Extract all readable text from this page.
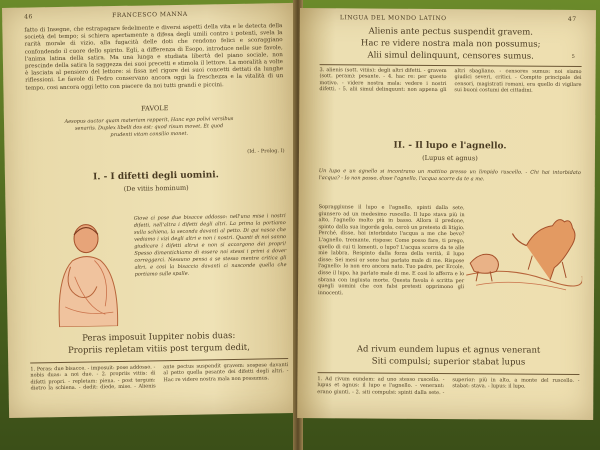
46	FRANCESCO MANNA
fatto di Insegne, che estrapagare fedelmente e diversi aspetti della vita e le detecta della società del tempo; si schiera apertamente a difesa degli umili contro i potenti, svela la rarità morale di vizio, alla fugacità delle doti che rendono felici e scoraggiano confondendo il cuore dello spirito. Egli, a differenza di Esopo, introduce nelle sue favole, l'anima latina della satira. Ma una lunga e studiata libertà del piano sociale, non prescinde della satira la saggezza dei suoi precetti e stimola il lettore. La moralità a volte è lasciata al pensiero del lettore: si fissa nel rigore dei suoi concetti dettati da lunghe riflessioni. Le favole di Fedro conservano ancora oggi la freschezza e la vitalità di un tempo, cosi ancora oggi letto con piacere da noi tutti grandi e piccini.
FAVOLE
Aesopus auctor quam materiam repperit, Hanc ego polivi versibus senariis. Duplex libelli dos est: quod risum movet, Et quod prudenti vitam consilio monet.
(Id. - Prolog. I)
I. - I difetti degli uomini.
(De vitiis hominum)
Giove ci pose due bisacce addosso: nell'una mise i nostri difetti, nell'altra i difetti degli altri. La prima la portiamo sulla schiena, la seconda davanti al petto. Di qui nasce che vediamo i vizi degli altri e non i nostri. Quanti di noi sanno giudicare i difetti altrui e non si accorgono dei propri! Spesso dimentichiamo di essere noi stessi i primi a dover correggerci. Nessuno pensa a se stesso mentre critica gli altri, e cosi la bisaccia davanti ci nasconde quella che portiamo sulle spalle.
Peras imposuit Iuppiter nobis duas:
Propriis repletam vitiis post tergum dedit,
1. Peras: due bisacce. - imposuit: pose addosso. - nobis duas: a noi due. - 2. propriis vitiis: di difetti propri. - repletam: piena. - post tergum: dietro la schiena. - dedit: diede, mise. - Alienis ante pectus suspendit gravem: sospese davanti al petto quella pesante dei difetti degli altri. - Hac re videre nostra mala non possumus.
LINGUA DEL MONDO LATINO	47
Alienis ante pectus suspendit gravem.
Hac re videre nostra mala non possumus;
Alii simul delinquunt, censores sumus.	5
3. alienis (sott. vitiis): degli altri difetti. - gravem (sott. peram): pesante. - 4. hac re: per questo motivo. - videre nostra mala: vedere i nostri difetti. - 5. alii simul delinquunt: non appena gli altri sbagliano. - censores sumus: noi siamo giudici severi, critici. - Compito principale dei censori, magistrati romani, era quello di vigilare sui buoni costumi dei cittadini.
II. - Il lupo e l'agnello.
(Lupus et agnus)
Un lupo e un agnello si incontrano un mattino presso un limpido ruscello. - Chi hai intorbidato l'acqua? - Io non posso, disse l'agnello, l'acqua scorre da te a me.
Sopraggiunse il lupo e l'agnello, spinti dalla sete, giunsero ad un medesimo ruscello. Il lupo stava più in alto, l'agnello molto più in basso. Allora il predone, spinto dalla sua ingorda gola, cercò un pretesto di litigio. Perché, disse, hai intorbidato l'acqua a me che bevo? L'agnello, tremante, rispose: Come posso fare, ti prego, quello di cui ti lamenti, o lupo? L'acqua scorre da te alle mie labbra. Respinto dalla forza della verità, il lupo disse: Sei mesi or sono hai parlato male di me. Rispose l'agnello: Io non ero ancora nato. Tuo padre, per Ercole, disse il lupo, ha parlato male di me. E così lo afferra e lo sbrana con ingiusta morte. Questa favola è scritta per quegli uomini che con falsi pretesti opprimono gli innocenti.
Ad rivum eundem lupus et agnus venerant
Siti compulsi; superior stabat lupus
1. Ad rivum eundem: ad uno stesso ruscello. - lupus et agnus: il lupo e l'agnello. - venerant: erano giunti. - 2. siti compulsi: spinti dalla sete. - superior: più in alto, a monte del ruscello. - stabat: stava. - lupus: il lupo.
